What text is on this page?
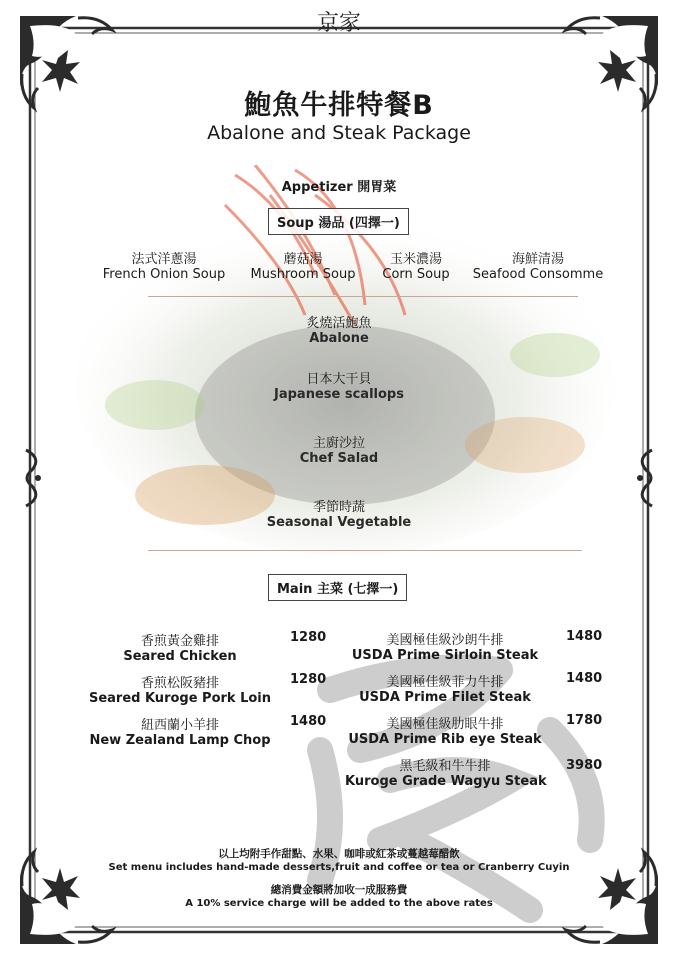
京家
鮑魚牛排特餐B
Abalone and Steak Package
Appetizer 開胃菜
Soup 湯品 (四擇一)
法式洋蔥湯
French Onion Soup
蘑菇湯
Mushroom Soup
玉米濃湯
Corn Soup
海鮮清湯
Seafood Consomme
炙燒活鮑魚
Abalone
日本大干貝
Japanese scallops
主廚沙拉
Chef Salad
季節時蔬
Seasonal Vegetable
Main 主菜 (七擇一)
香煎黃金雞排
Seared Chicken
1280
香煎松阪豬排
Seared Kuroge Pork Loin
1280
紐西蘭小羊排
New Zealand Lamp Chop
1480
美國極佳級沙朗牛排
USDA Prime Sirloin Steak
1480
美國極佳級菲力牛排
USDA Prime Filet Steak
1480
美國極佳級肋眼牛排
USDA Prime Rib eye Steak
1780
黑毛級和牛牛排
Kuroge Grade Wagyu Steak
3980
以上均附手作甜點、水果、咖啡或紅茶或蔓越莓醋飲
Set menu includes hand-made desserts,fruit and coffee or tea or Cranberry Cuyin
總消費金額將加收一成服務費
A 10% service charge will be added to the above rates
